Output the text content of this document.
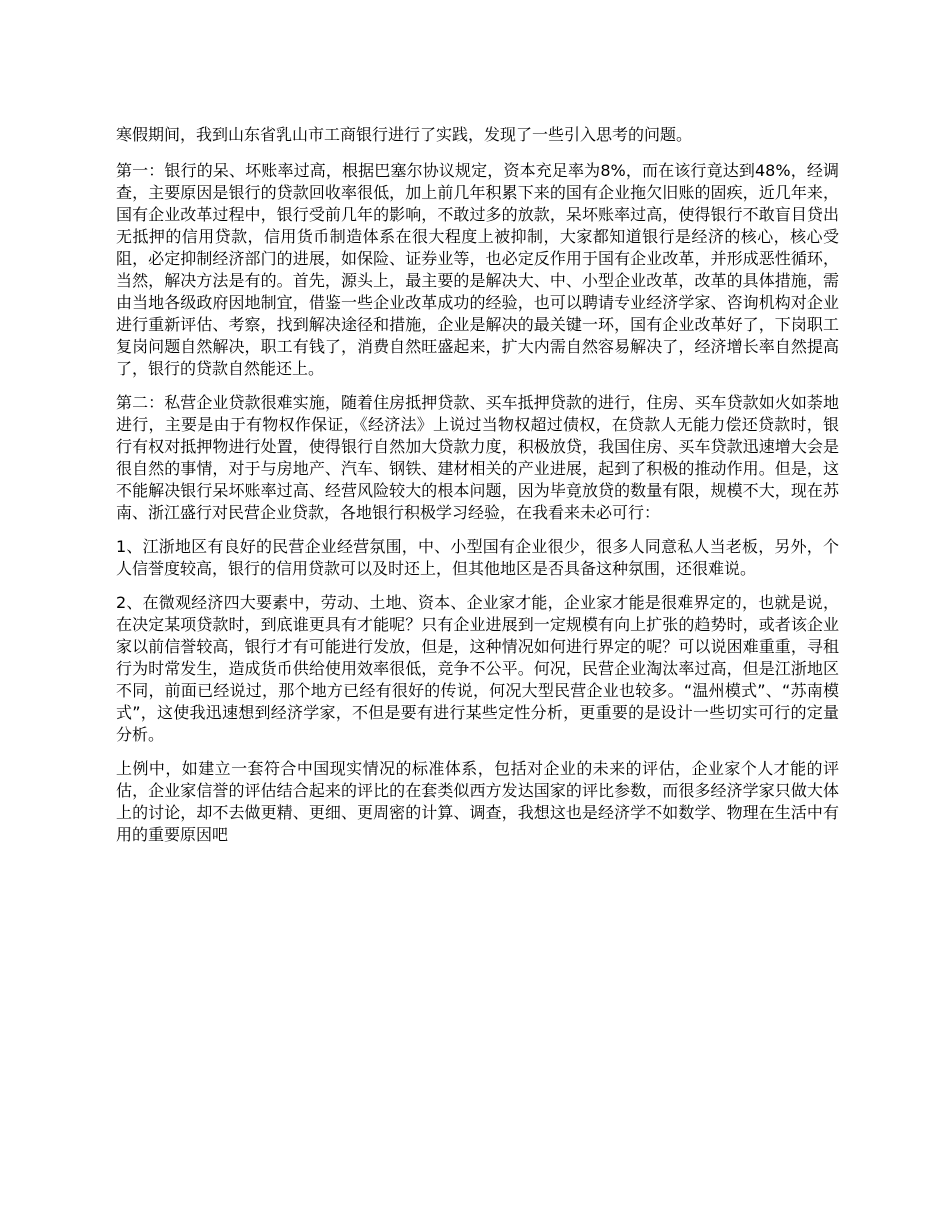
寒假期间，我到山东省乳山市工商银行进行了实践，发现了一些引入思考的问题。

第一：银行的呆、坏账率过高，根据巴塞尔协议规定，资本充足率为8%，而在该行竟达到48%，经调查，主要原因是银行的贷款回收率很低，加上前几年积累下来的国有企业拖欠旧账的固疾，近几年来，国有企业改革过程中，银行受前几年的影响，不敢过多的放款，呆坏账率过高，使得银行不敢盲目贷出无抵押的信用贷款，信用货币制造体系在很大程度上被抑制，大家都知道银行是经济的核心，核心受阻，必定抑制经济部门的进展，如保险、证券业等，也必定反作用于国有企业改革，并形成恶性循环，当然，解决方法是有的。首先，源头上，最主要的是解决大、中、小型企业改革，改革的具体措施，需由当地各级政府因地制宜，借鉴一些企业改革成功的经验，也可以聘请专业经济学家、咨询机构对企业进行重新评估、考察，找到解决途径和措施，企业是解决的最关键一环，国有企业改革好了，下岗职工复岗问题自然解决，职工有钱了，消费自然旺盛起来，扩大内需自然容易解决了，经济增长率自然提高了，银行的贷款自然能还上。

第二：私营企业贷款很难实施，随着住房抵押贷款、买车抵押贷款的进行，住房、买车贷款如火如荼地进行，主要是由于有物权作保证，《经济法》上说过当物权超过债权，在贷款人无能力偿还贷款时，银行有权对抵押物进行处置，使得银行自然加大贷款力度，积极放贷，我国住房、买车贷款迅速增大会是很自然的事情，对于与房地产、汽车、钢铁、建材相关的产业进展，起到了积极的推动作用。但是，这不能解决银行呆坏账率过高、经营风险较大的根本问题，因为毕竟放贷的数量有限，规模不大，现在苏南、浙江盛行对民营企业贷款，各地银行积极学习经验，在我看来未必可行：

1、江浙地区有良好的民营企业经营氛围，中、小型国有企业很少，很多人同意私人当老板，另外，个人信誉度较高，银行的信用贷款可以及时还上，但其他地区是否具备这种氛围，还很难说。

2、在微观经济四大要素中，劳动、土地、资本、企业家才能，企业家才能是很难界定的，也就是说，在决定某项贷款时，到底谁更具有才能呢？只有企业进展到一定规模有向上扩张的趋势时，或者该企业家以前信誉较高，银行才有可能进行发放，但是，这种情况如何进行界定的呢？可以说困难重重，寻租行为时常发生，造成货币供给使用效率很低，竞争不公平。何况，民营企业淘汰率过高，但是江浙地区不同，前面已经说过，那个地方已经有很好的传说，何况大型民营企业也较多。“温州模式”、“苏南模式”，这使我迅速想到经济学家，不但是要有进行某些定性分析，更重要的是设计一些切实可行的定量分析。

上例中，如建立一套符合中国现实情况的标准体系，包括对企业的未来的评估，企业家个人才能的评估，企业家信誉的评估结合起来的评比的在套类似西方发达国家的评比参数，而很多经济学家只做大体上的讨论，却不去做更精、更细、更周密的计算、调查，我想这也是经济学不如数学、物理在生活中有用的重要原因吧
